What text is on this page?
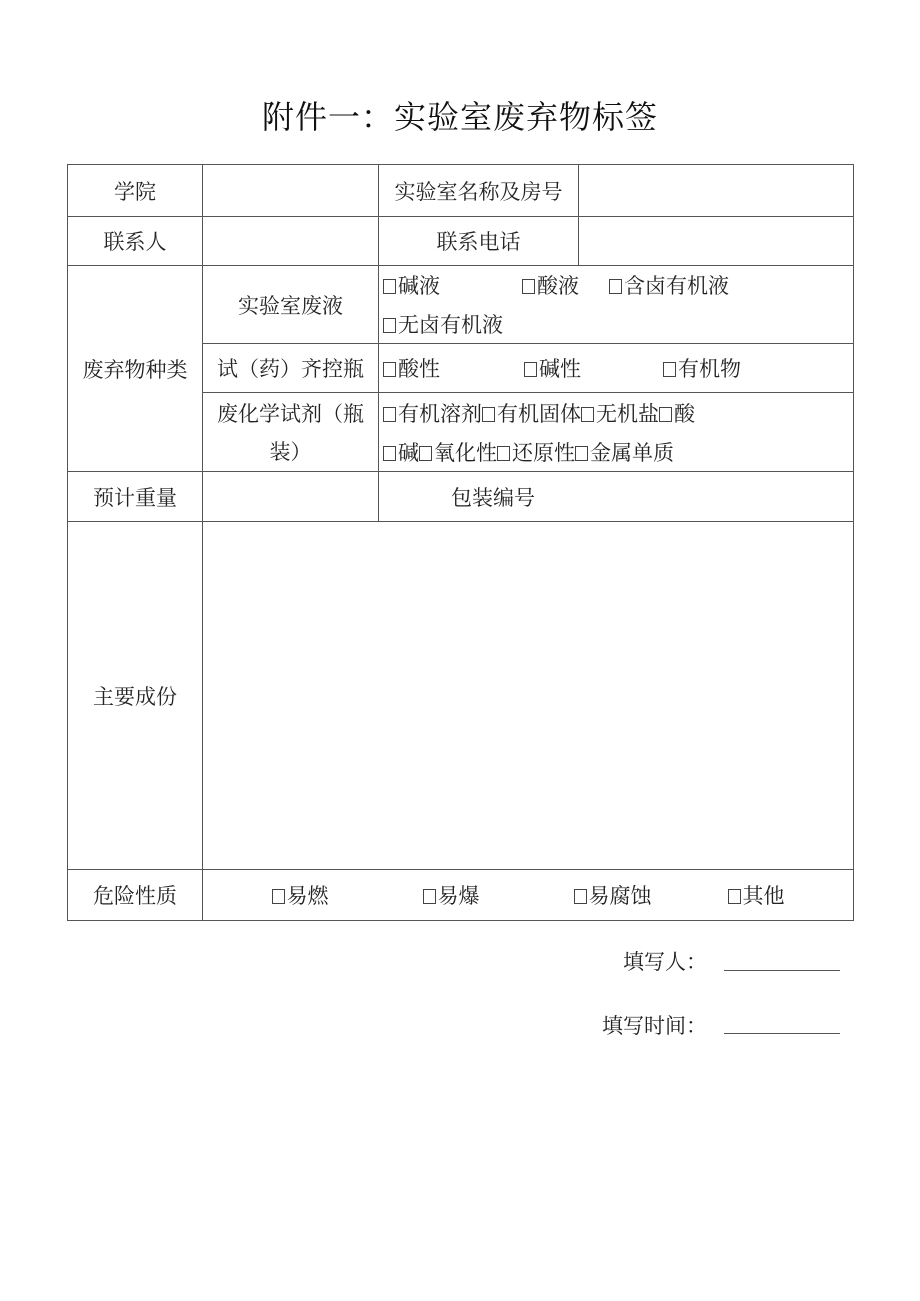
附件一：实验室废弃物标签
学院		实验室名称及房号	
联系人		联系电话	
废弃物种类	实验室废液	碱液 酸液 含卤有机液
无卤有机液	

	试（药）齐控瓶	酸性 碱性 有机物	

	废化学试剂（瓶
装）	有机溶剂 有机固体 无机盐 酸
碱 氧化性 还原性 金属单质	

预计重量		包装编号	
主要成份			
危险性质	易燃 易爆 易腐蚀 其他		
填写人：
填写时间：
